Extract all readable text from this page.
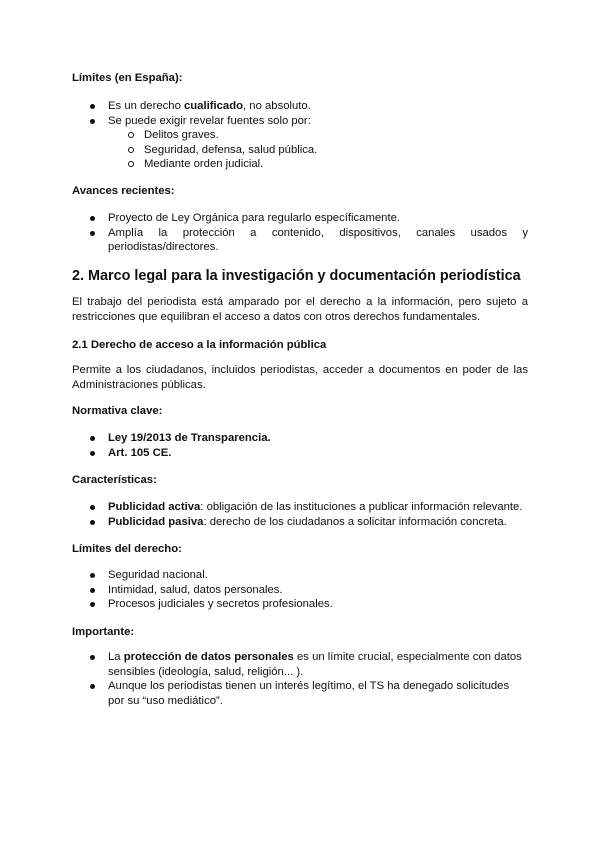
Límites (en España):
Es un derecho cualificado, no absoluto.
Se puede exigir revelar fuentes solo por:
Delitos graves.
Seguridad, defensa, salud pública.
Mediante orden judicial.
Avances recientes:
Proyecto de Ley Orgánica para regularlo específicamente.
Amplía la protección a contenido, dispositivos, canales usados y periodistas/directores.
2. Marco legal para la investigación y documentación periodística
El trabajo del periodista está amparado por el derecho a la información, pero sujeto a restricciones que equilibran el acceso a datos con otros derechos fundamentales.
2.1 Derecho de acceso a la información pública
Permite a los ciudadanos, incluidos periodistas, acceder a documentos en poder de las Administraciones públicas.
Normativa clave:
Ley 19/2013 de Transparencia.
Art. 105 CE.
Características:
Publicidad activa: obligación de las instituciones a publicar información relevante.
Publicidad pasiva: derecho de los ciudadanos a solicitar información concreta.
Límites del derecho:
Seguridad nacional.
Intimidad, salud, datos personales.
Procesos judiciales y secretos profesionales.
Importante:
La protección de datos personales es un límite crucial, especialmente con datos sensibles (ideología, salud, religión... ).
Aunque los periodistas tienen un interés legítimo, el TS ha denegado solicitudes por su “uso mediático”.
